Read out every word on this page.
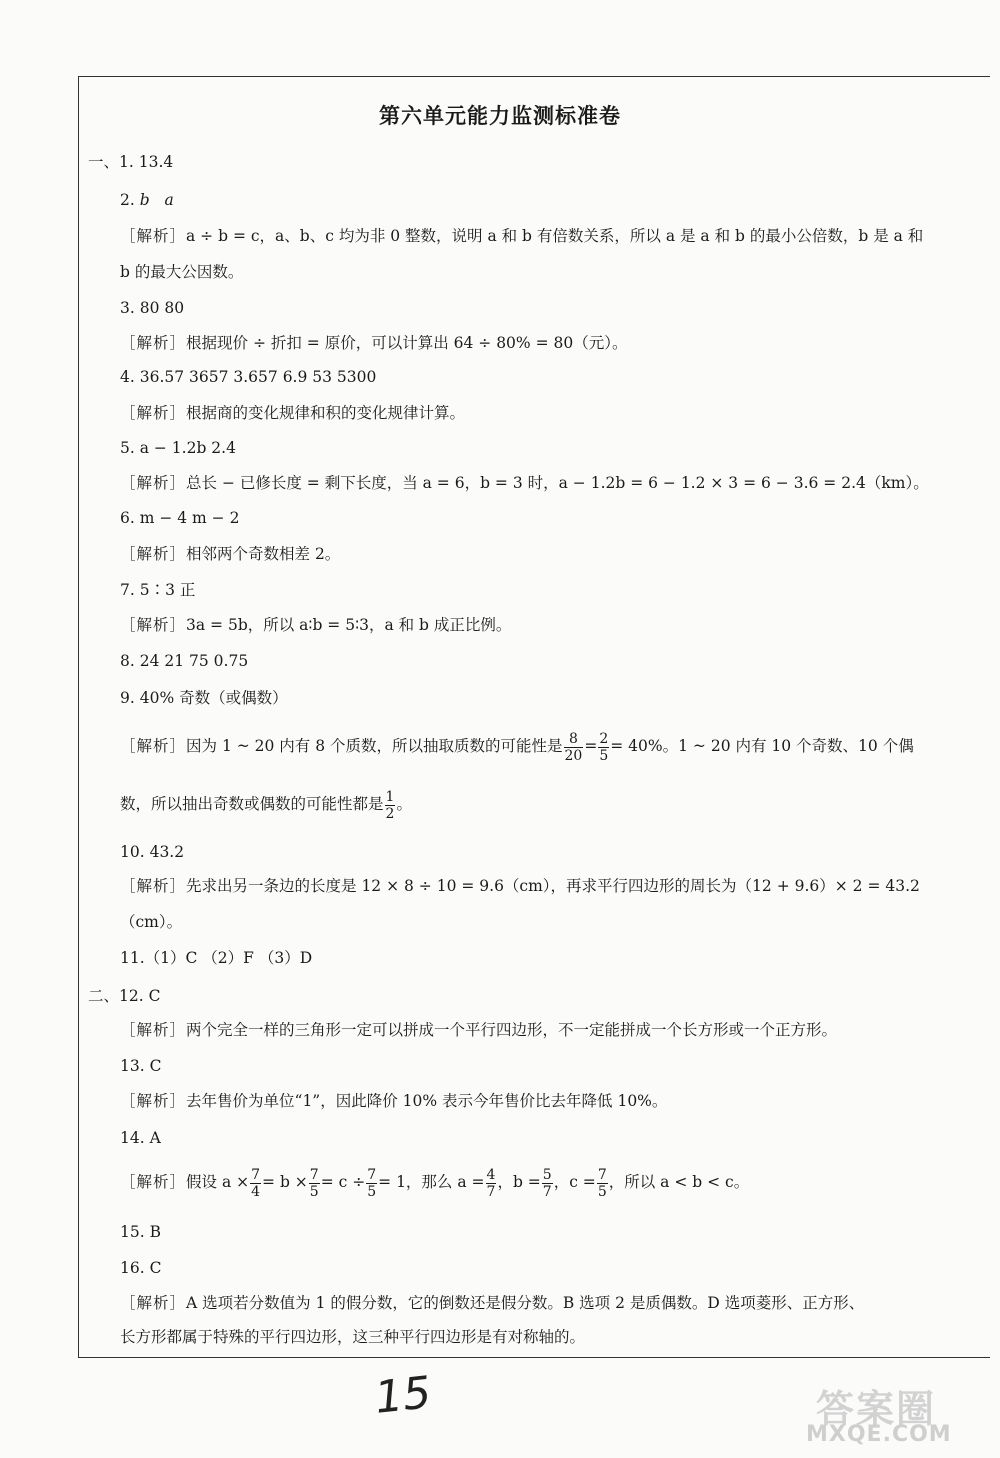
第六单元能力监测标准卷
一、1. 13.4
2. b a
［解析］a ÷ b = c，a、b、c 均为非 0 整数，说明 a 和 b 有倍数关系，所以 a 是 a 和 b 的最小公倍数，b 是 a 和
b 的最大公因数。
3. 80 80
［解析］根据现价 ÷ 折扣 = 原价，可以计算出 64 ÷ 80% = 80（元）。
4. 36.57 3657 3.657 6.9 53 5300
［解析］根据商的变化规律和积的变化规律计算。
5. a − 1.2b 2.4
［解析］总长 − 已修长度 = 剩下长度，当 a = 6，b = 3 时，a − 1.2b = 6 − 1.2 × 3 = 6 − 3.6 = 2.4（km）。
6. m − 4 m − 2
［解析］相邻两个奇数相差 2。
7. 5∶3 正
［解析］3a = 5b，所以 a∶b = 5∶3，a 和 b 成正比例。
8. 24 21 75 0.75
9. 40% 奇数（或偶数）
［解析］因为 1 ~ 20 内有 8 个质数，所以抽取质数的可能性是 $\frac{8}{20} = \frac{2}{5} = 40\%$。1 ~ 20 内有 10 个奇数、10 个偶
数，所以抽出奇数或偶数的可能性都是 $\frac{1}{2}$ 。
10. 43.2
［解析］先求出另一条边的长度是 12 × 8 ÷ 10 = 9.6（cm），再求平行四边形的周长为（12 + 9.6）× 2 = 43.2
（cm）。
11.（1）C （2）F （3）D
二、12. C
［解析］两个完全一样的三角形一定可以拼成一个平行四边形，不一定能拼成一个长方形或一个正方形。
13. C
［解析］去年售价为单位“1”，因此降价 10% 表示今年售价比去年降低 10%。
14. A
［解析］假设 $a \times \frac{7}{4} = b \times \frac{7}{5} = c \div \frac{7}{5} = 1$，那么 $a = \frac{4}{7}$ ，$b = \frac{5}{7}$ ，$c = \frac{7}{5}$ ，所以 a < b < c。
15. B
16. C
［解析］A 选项若分数值为 1 的假分数，它的倒数还是假分数。B 选项 2 是质偶数。D 选项菱形、正方形、
长方形都属于特殊的平行四边形，这三种平行四边形是有对称轴的。
15	答案圈
MXQE.COM
